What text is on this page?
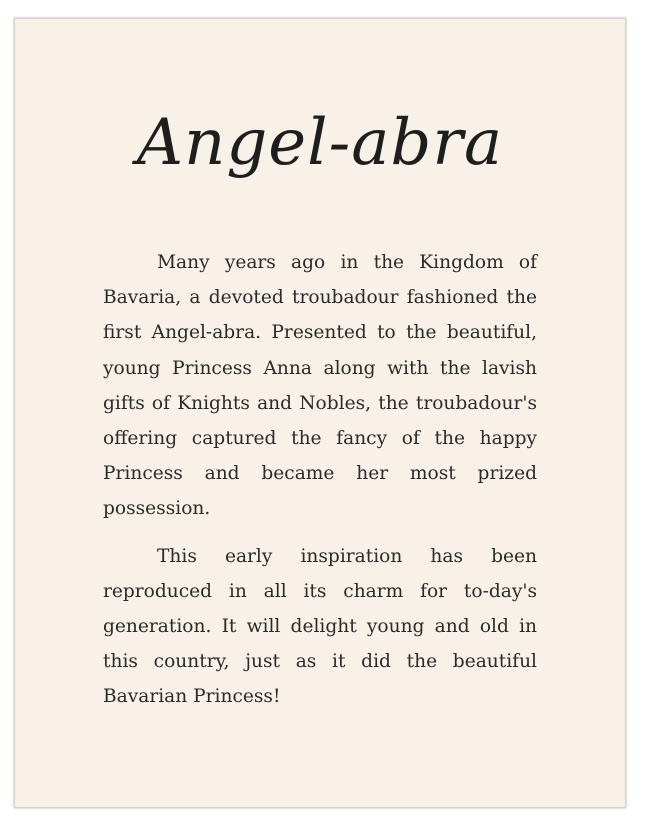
Angel-abra

Many years ago in the Kingdom of Bavaria, a devoted troubadour fashioned the first Angel-abra. Presented to the beautiful, young Princess Anna along with the lavish gifts of Knights and Nobles, the troubadour's offering captured the fancy of the happy Princess and became her most prized possession.

This early inspiration has been reproduced in all its charm for to-day's generation. It will delight young and old in this country, just as it did the beautiful Bavarian Princess!
